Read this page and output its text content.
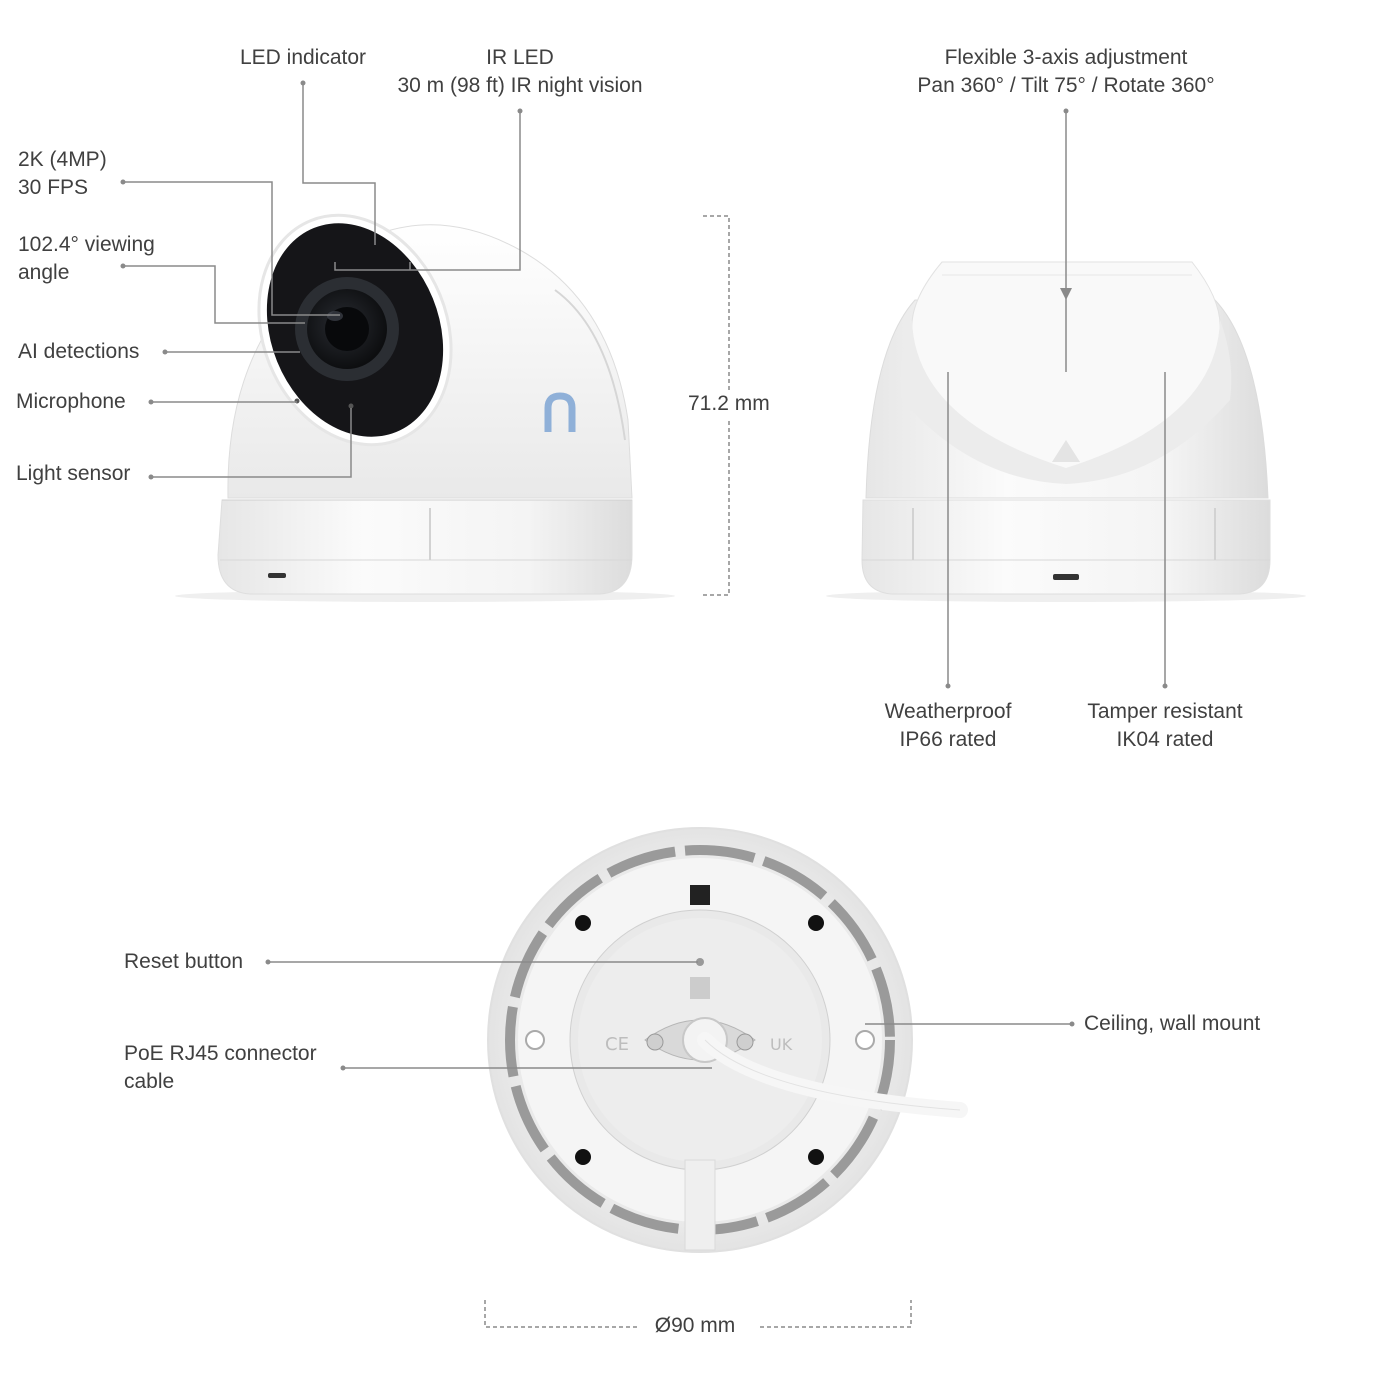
UK
CE
LED indicator	IR LED
30 m (98 ft) IR night vision
2K (4MP)
30 FPS
102.4° viewing
angle
AI detections
Microphone
Light sensor
71.2 mm
Flexible 3-axis adjustment
Pan 360° / Tilt 75° / Rotate 360°
Weatherproof
IP66 rated
Tamper resistant
IK04 rated
Reset button
PoE RJ45 connector
cable
Ceiling, wall mount
Ø90 mm
